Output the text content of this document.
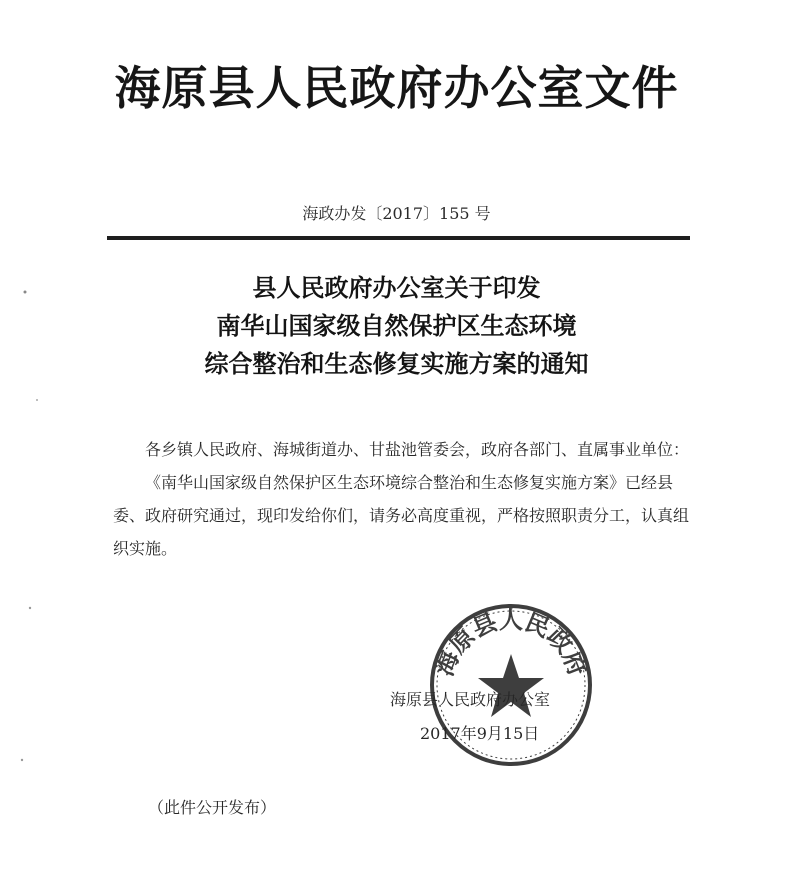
海原县人民政府办公室文件
海政办发〔2017〕155 号
县人民政府办公室关于印发
南华山国家级自然保护区生态环境
综合整治和生态修复实施方案的通知

各乡镇人民政府、海城街道办、甘盐池管委会，政府各部门、直属事业单位：

《南华山国家级自然保护区生态环境综合整治和生态修复实施方案》已经县委、政府研究通过，现印发给你们，请务必高度重视，严格按照职责分工，认真组织实施。

海原县人民政府
海原县人民政府办公室
2017年9月15日
（此件公开发布）
